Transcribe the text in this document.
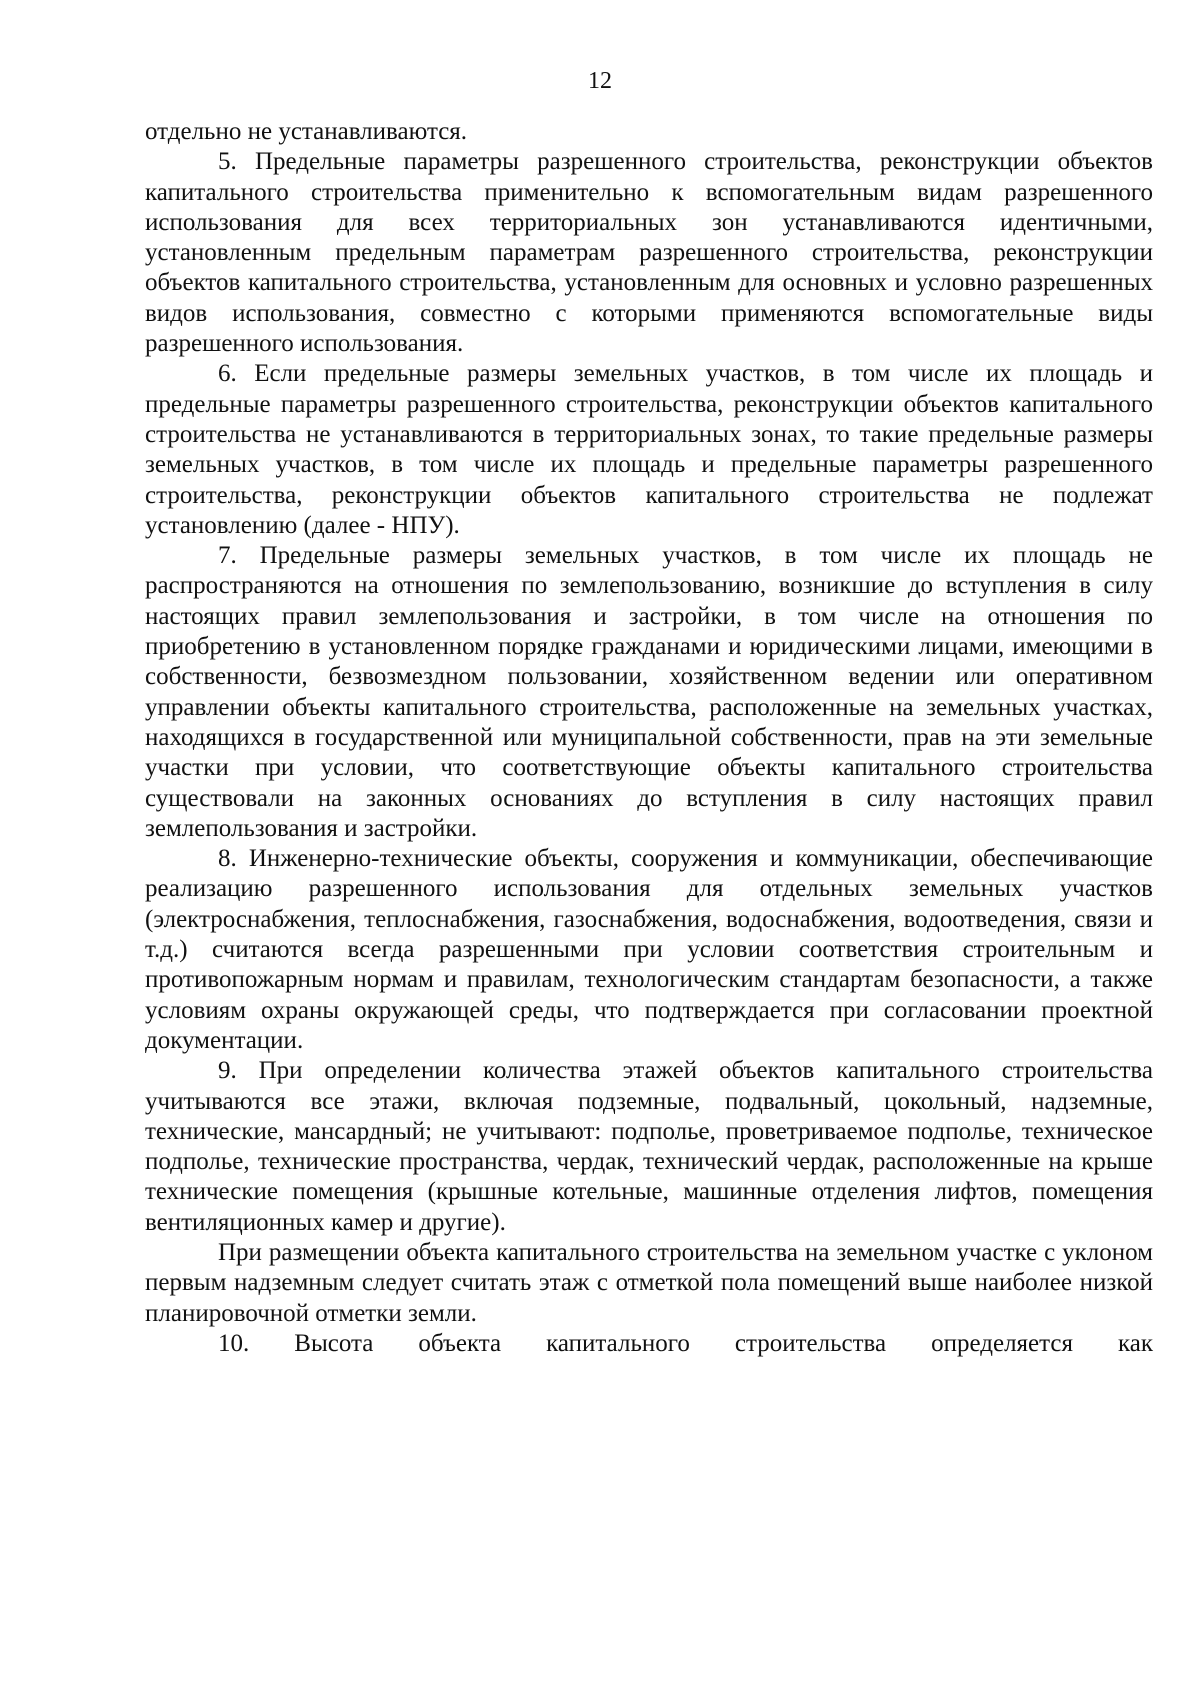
12

отдельно не устанавливаются.

5. Предельные параметры разрешенного строительства, реконструкции объектов капитального строительства применительно к вспомогательным видам разрешенного использования для всех территориальных зон устанавливаются идентичными, установленным предельным параметрам разрешенного строительства, реконструкции объектов капитального строительства, установленным для основных и условно разрешенных видов использования, совместно с которыми применяются вспомогательные виды разрешенного использования.

6. Если предельные размеры земельных участков, в том числе их площадь и предельные параметры разрешенного строительства, реконструкции объектов капитального строительства не устанавливаются в территориальных зонах, то такие предельные размеры земельных участков, в том числе их площадь и предельные параметры разрешенного строительства, реконструкции объектов капитального строительства не подлежат установлению (далее - НПУ).

7. Предельные размеры земельных участков, в том числе их площадь не распространяются на отношения по землепользованию, возникшие до вступления в силу настоящих правил землепользования и застройки, в том числе на отношения по приобретению в установленном порядке гражданами и юридическими лицами, имеющими в собственности, безвозмездном пользовании, хозяйственном ведении или оперативном управлении объекты капитального строительства, расположенные на земельных участках, находящихся в государственной или муниципальной собственности, прав на эти земельные участки при условии, что соответствующие объекты капитального строительства существовали на законных основаниях до вступления в силу настоящих правил землепользования и застройки.

8. Инженерно-технические объекты, сооружения и коммуникации, обеспечивающие реализацию разрешенного использования для отдельных земельных участков (электроснабжения, теплоснабжения, газоснабжения, водоснабжения, водоотведения, связи и т.д.) считаются всегда разрешенными при условии соответствия строительным и противопожарным нормам и правилам, технологическим стандартам безопасности, а также условиям охраны окружающей среды, что подтверждается при согласовании проектной документации.

9. При определении количества этажей объектов капитального строительства учитываются все этажи, включая подземные, подвальный, цокольный, надземные, технические, мансардный; не учитывают: подполье, проветриваемое подполье, техническое подполье, технические пространства, чердак, технический чердак, расположенные на крыше технические помещения (крышные котельные, машинные отделения лифтов, помещения вентиляционных камер и другие).

При размещении объекта капитального строительства на земельном участке с уклоном первым надземным следует считать этаж с отметкой пола помещений выше наиболее низкой планировочной отметки земли.

10. Высота объекта капитального строительства определяется как
